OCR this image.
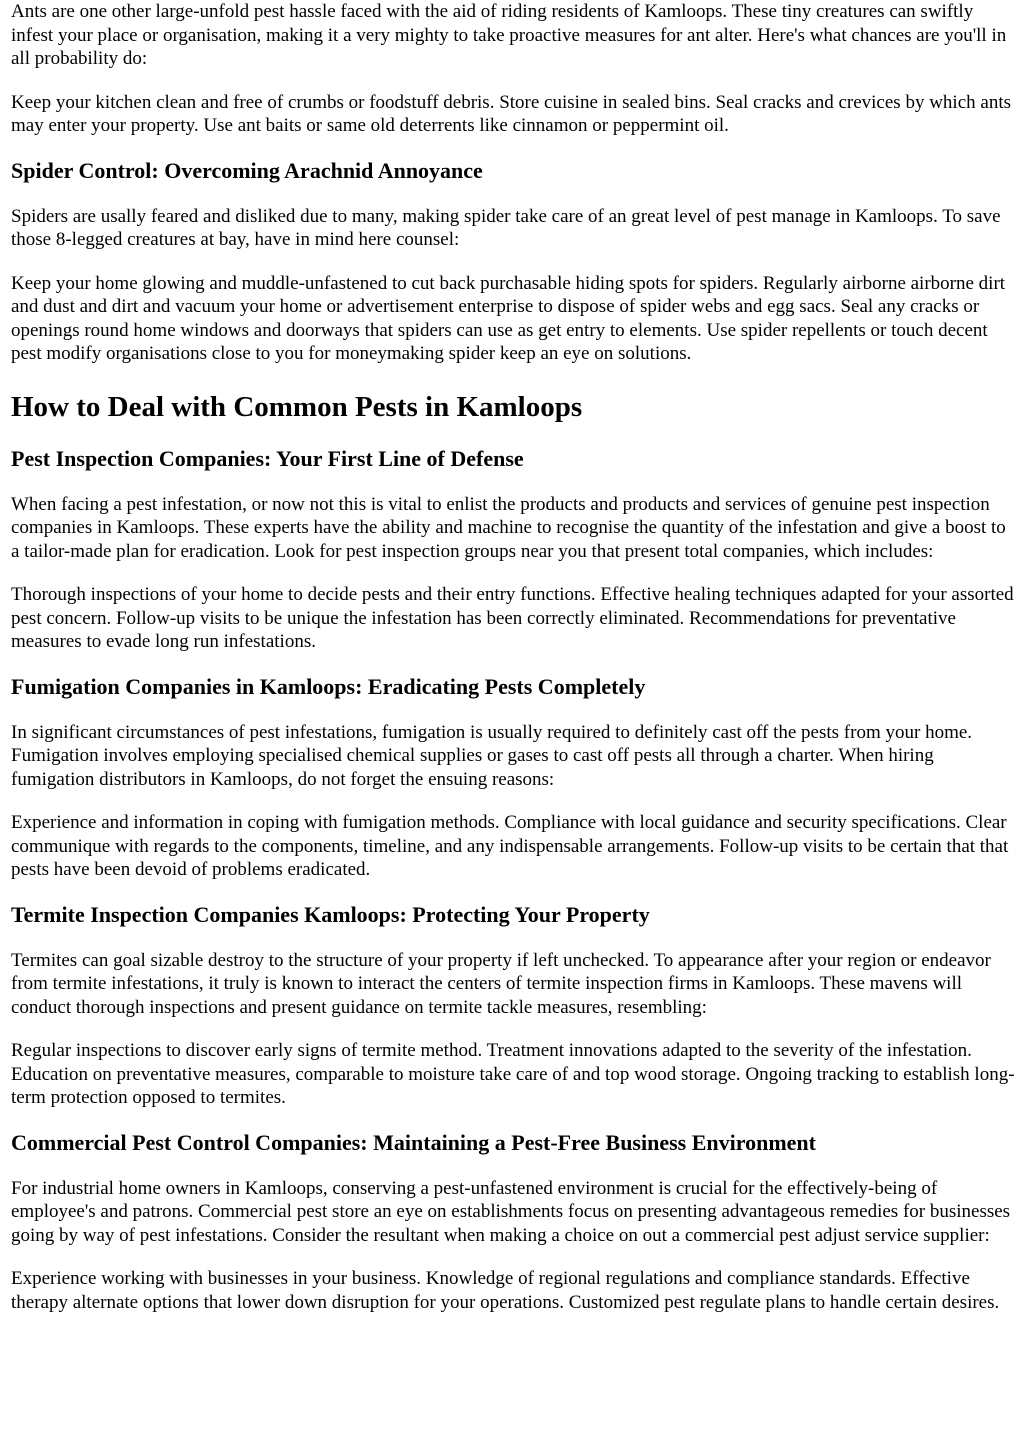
Ants are one other large-unfold pest hassle faced with the aid of riding residents of Kamloops. These tiny creatures can swiftly infest your place or organisation, making it a very mighty to take proactive measures for ant alter. Here's what chances are you'll in all probability do:

Keep your kitchen clean and free of crumbs or foodstuff debris. Store cuisine in sealed bins. Seal cracks and crevices by which ants may enter your property. Use ant baits or same old deterrents like cinnamon or peppermint oil.

Spider Control: Overcoming Arachnid Annoyance

Spiders are usally feared and disliked due to many, making spider take care of an great level of pest manage in Kamloops. To save those 8-legged creatures at bay, have in mind here counsel:

Keep your home glowing and muddle-unfastened to cut back purchasable hiding spots for spiders. Regularly airborne airborne dirt and dust and dirt and vacuum your home or advertisement enterprise to dispose of spider webs and egg sacs. Seal any cracks or openings round home windows and doorways that spiders can use as get entry to elements. Use spider repellents or touch decent pest modify organisations close to you for moneymaking spider keep an eye on solutions.

How to Deal with Common Pests in Kamloops
Pest Inspection Companies: Your First Line of Defense

When facing a pest infestation, or now not this is vital to enlist the products and products and services of genuine pest inspection companies in Kamloops. These experts have the ability and machine to recognise the quantity of the infestation and give a boost to a tailor-made plan for eradication. Look for pest inspection groups near you that present total companies, which includes:

Thorough inspections of your home to decide pests and their entry functions. Effective healing techniques adapted for your assorted pest concern. Follow-up visits to be unique the infestation has been correctly eliminated. Recommendations for preventative measures to evade long run infestations.

Fumigation Companies in Kamloops: Eradicating Pests Completely

In significant circumstances of pest infestations, fumigation is usually required to definitely cast off the pests from your home. Fumigation involves employing specialised chemical supplies or gases to cast off pests all through a charter. When hiring fumigation distributors in Kamloops, do not forget the ensuing reasons:

Experience and information in coping with fumigation methods. Compliance with local guidance and security specifications. Clear communique with regards to the components, timeline, and any indispensable arrangements. Follow-up visits to be certain that that pests have been devoid of problems eradicated.

Termite Inspection Companies Kamloops: Protecting Your Property

Termites can goal sizable destroy to the structure of your property if left unchecked. To appearance after your region or endeavor from termite infestations, it truly is known to interact the centers of termite inspection firms in Kamloops. These mavens will conduct thorough inspections and present guidance on termite tackle measures, resembling:

Regular inspections to discover early signs of termite method. Treatment innovations adapted to the severity of the infestation. Education on preventative measures, comparable to moisture take care of and top wood storage. Ongoing tracking to establish long-term protection opposed to termites.

Commercial Pest Control Companies: Maintaining a Pest-Free Business Environment

For industrial home owners in Kamloops, conserving a pest-unfastened environment is crucial for the effectively-being of employee's and patrons. Commercial pest store an eye on establishments focus on presenting advantageous remedies for businesses going by way of pest infestations. Consider the resultant when making a choice on out a commercial pest adjust service supplier:

Experience working with businesses in your business. Knowledge of regional regulations and compliance standards. Effective therapy alternate options that lower down disruption for your operations. Customized pest regulate plans to handle certain desires.
